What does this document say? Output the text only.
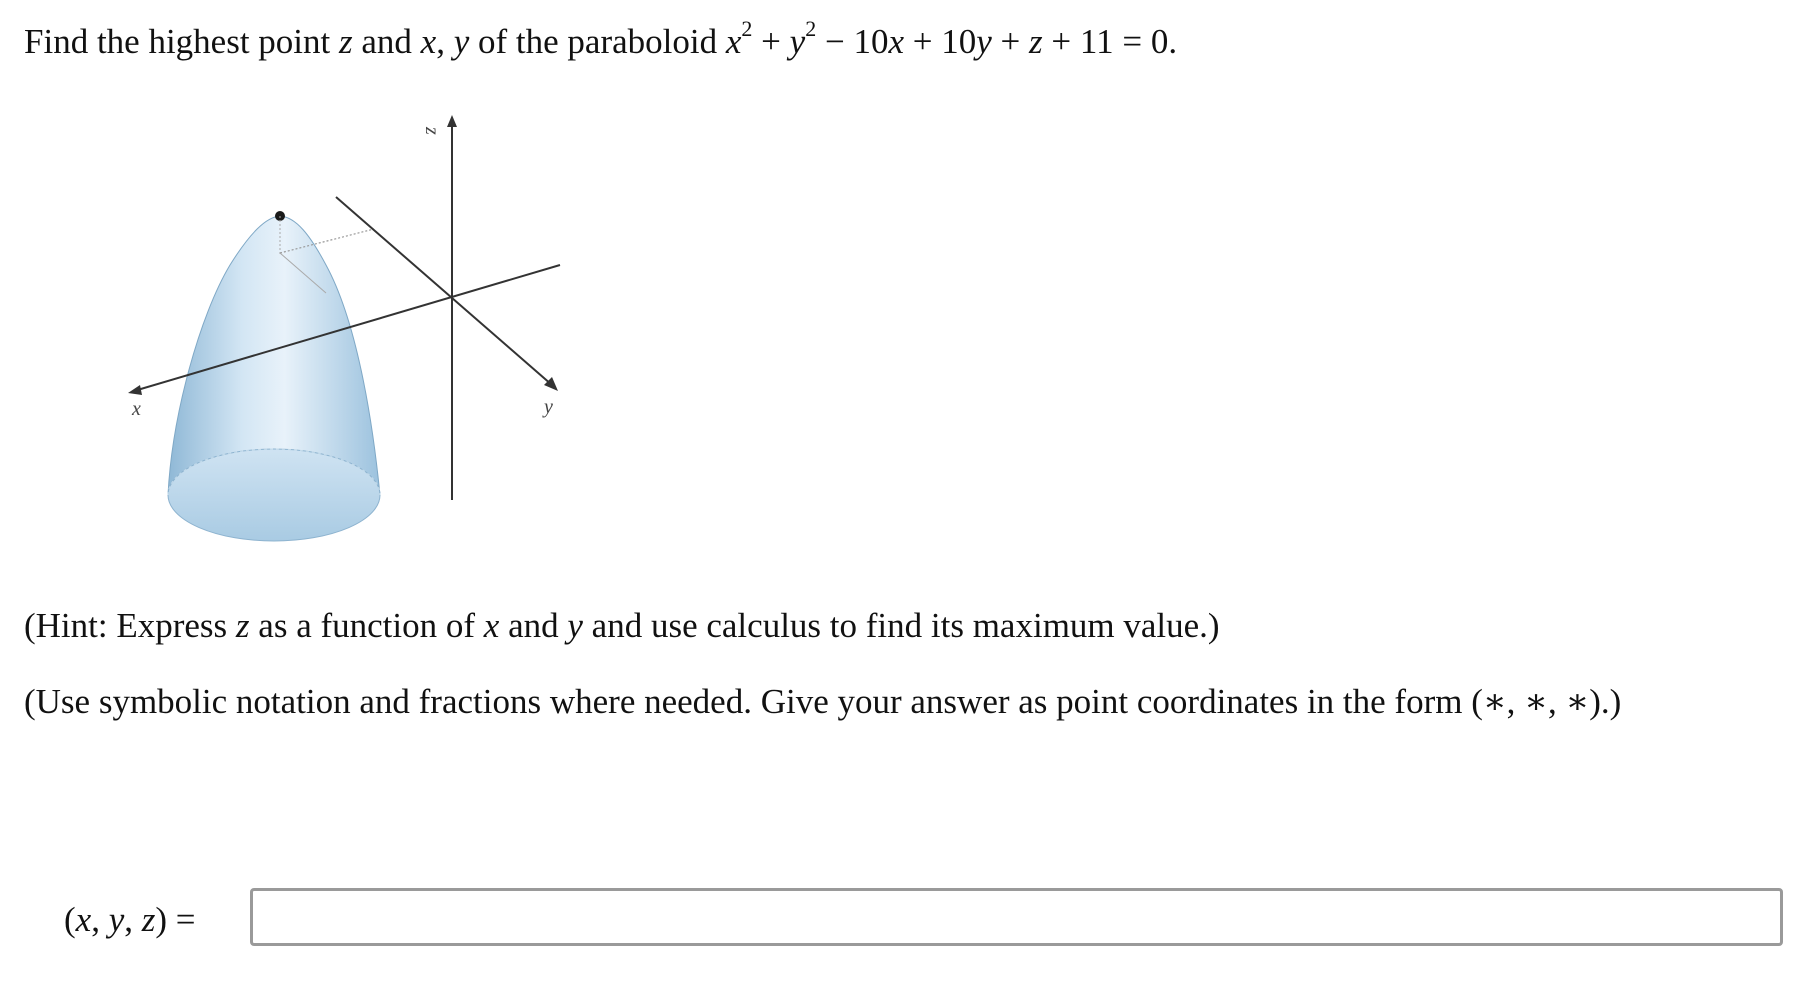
Find the highest point z and x, y of the paraboloid $x^2 + y^2 - 10x + 10y + z + 11 = 0$.
z
x	y
(Hint: Express z as a function of x and y and use calculus to find its maximum value.)
(Use symbolic notation and fractions where needed. Give your answer as point coordinates in the form (∗, ∗, ∗).)
(x, y, z) =
